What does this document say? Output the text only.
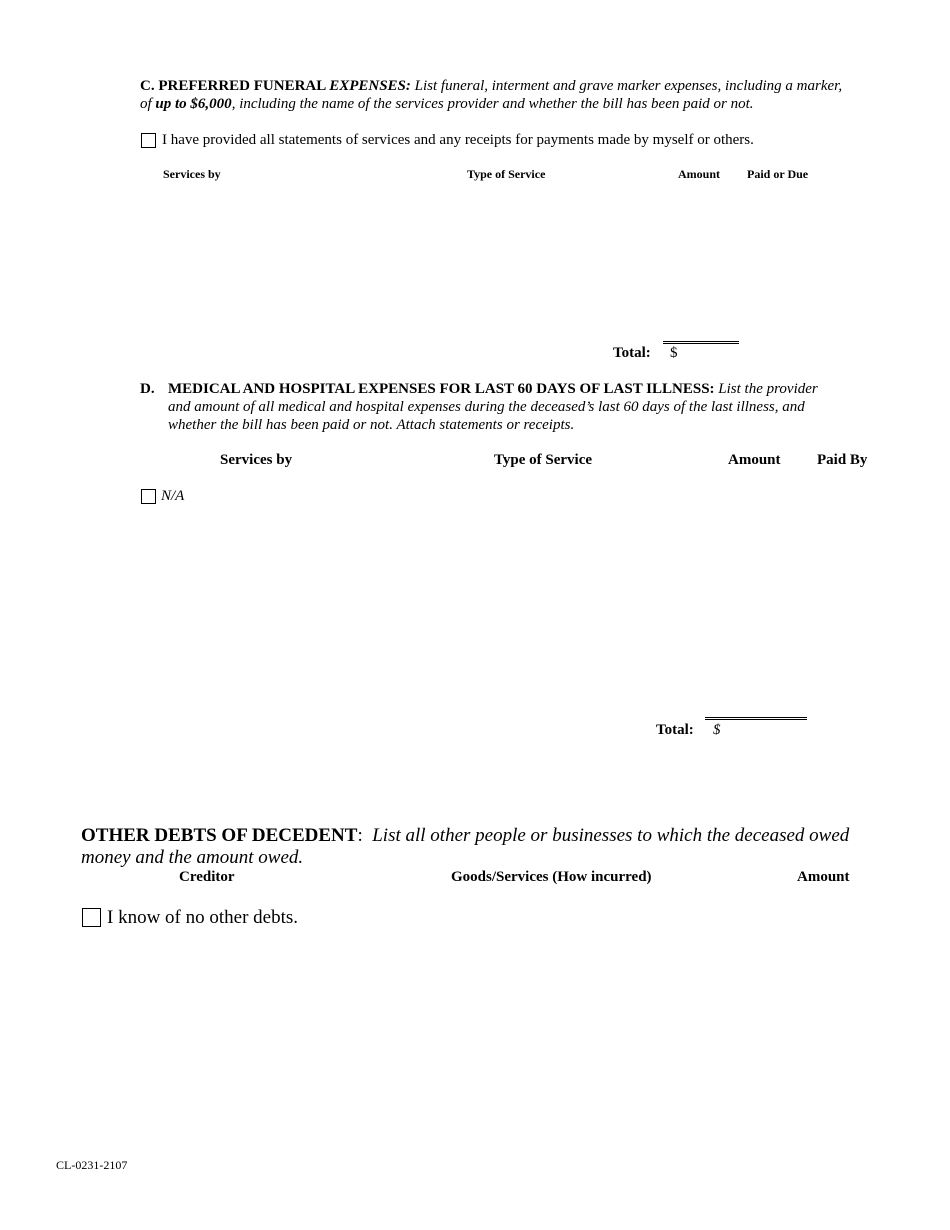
C. PREFERRED FUNERAL EXPENSES: List funeral, interment and grave marker expenses, including a marker,
of up to $6,000, including the name of the services provider and whether the bill has been paid or not.
I have provided all statements of services and any receipts for payments made by myself or others.
Services by	Type of Service	Amount Paid or Due
Total: $
D. MEDICAL AND HOSPITAL EXPENSES FOR LAST 60 DAYS OF LAST ILLNESS: List the provider
and amount of all medical and hospital expenses during the deceased’s last 60 days of the last illness, and
whether the bill has been paid or not. Attach statements or receipts.
Services by	Type of Service	Amount Paid By
N/A
Total: $
OTHER DEBTS OF DECEDENT:  List all other people or businesses to which the deceased owed
money and the amount owed.
Creditor	Goods/Services (How incurred)	Amount
I know of no other debts.
CL-0231-2107
